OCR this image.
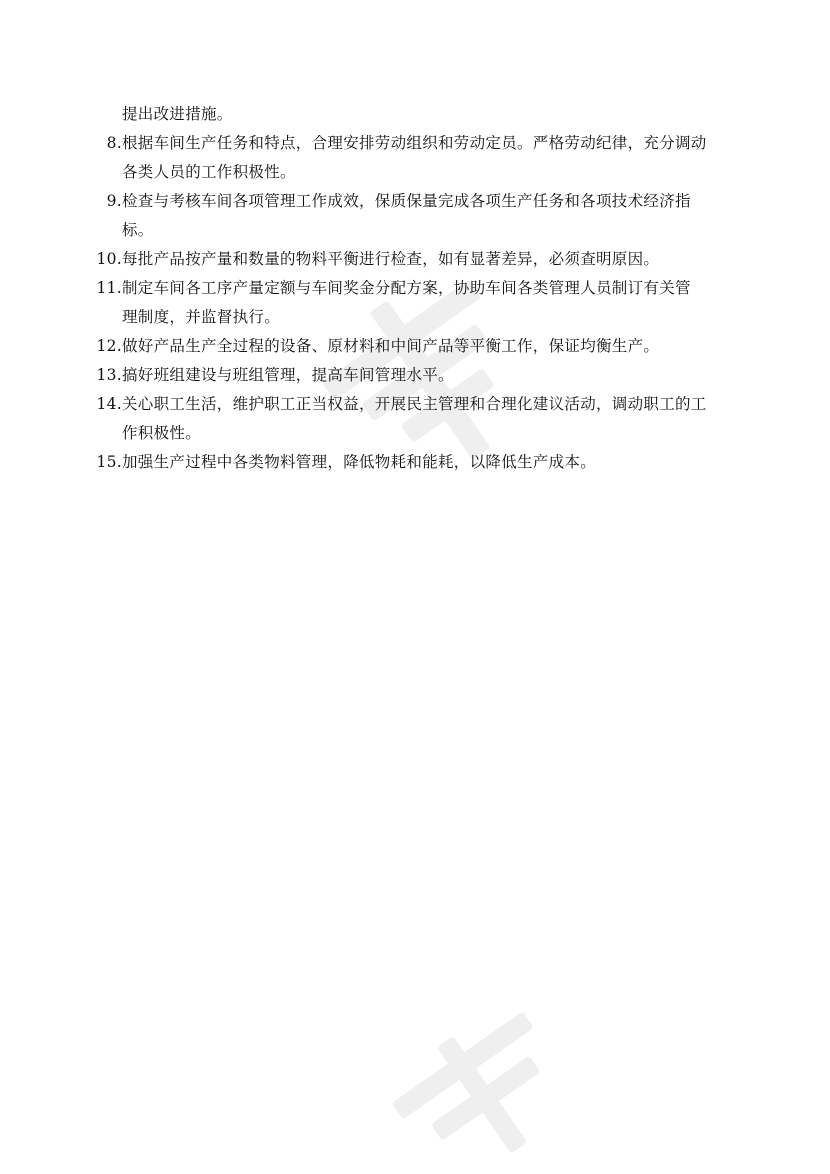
提出改进措施。
8. 根据车间生产任务和特点，合理安排劳动组织和劳动定员。严格劳动纪律，充分调动
各类人员的工作积极性。
9. 检查与考核车间各项管理工作成效，保质保量完成各项生产任务和各项技术经济指
标。
10. 每批产品按产量和数量的物料平衡进行检查，如有显著差异，必须查明原因。
11. 制定车间各工序产量定额与车间奖金分配方案，协助车间各类管理人员制订有关管
理制度，并监督执行。
12. 做好产品生产全过程的设备、原材料和中间产品等平衡工作，保证均衡生产。
13. 搞好班组建设与班组管理，提高车间管理水平。
14. 关心职工生活，维护职工正当权益，开展民主管理和合理化建议活动，调动职工的工
作积极性。
15. 加强生产过程中各类物料管理，降低物耗和能耗，以降低生产成本。
